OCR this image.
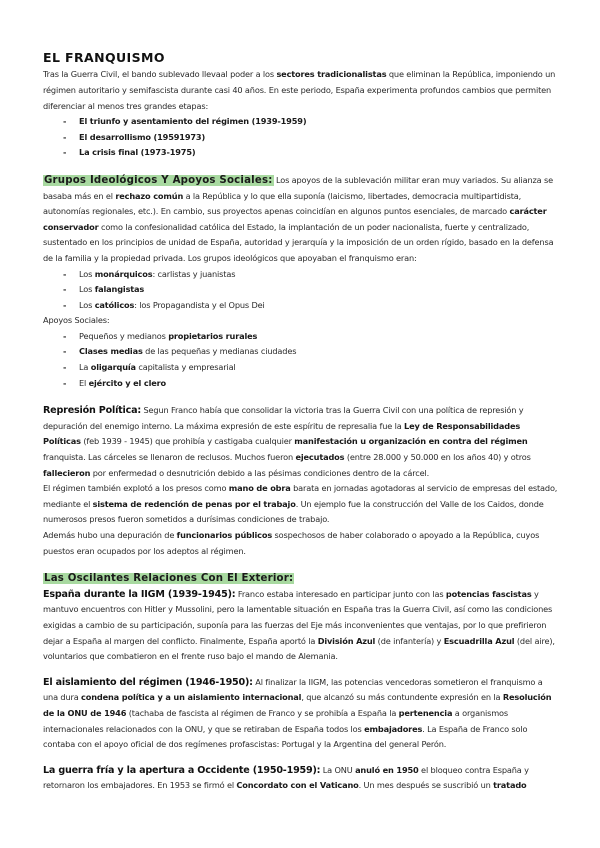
EL FRANQUISMO

Tras la Guerra Civil, el bando sublevado llevaal poder a los sectores tradicionalistas que eliminan la República, imponiendo un régimen autoritario y semifascista durante casi 40 años. En este periodo, España experimenta profundos cambios que permiten diferenciar al menos tres grandes etapas:

- El triunfo y asentamiento del régimen (1939-1959)
- El desarrollismo (19591973)
- La crisis final (1973-1975)

Grupos Ideológicos Y Apoyos Sociales: Los apoyos de la sublevación militar eran muy variados. Su alianza se basaba más en el rechazo común a la República y lo que ella suponía (laicismo, libertades, democracia multipartidista, autonomías regionales, etc.). En cambio, sus proyectos apenas coincidían en algunos puntos esenciales, de marcado carácter conservador como la confesionalidad católica del Estado, la implantación de un poder nacionalista, fuerte y centralizado, sustentado en los principios de unidad de España, autoridad y jerarquía y la imposición de un orden rígido, basado en la defensa de la familia y la propiedad privada. Los grupos ideológicos que apoyaban el franquismo eran:

- Los monárquicos: carlistas y juanistas
- Los falangistas
- Los católicos: los Propagandista y el Opus Dei

Apoyos Sociales:

- Pequeños y medianos propietarios rurales
- Clases medias de las pequeñas y medianas ciudades
- La oligarquía capitalista y empresarial
- El ejército y el clero

Represión Política: Segun Franco había que consolidar la victoria tras la Guerra Civil con una política de represión y depuración del enemigo interno. La máxima expresión de este espíritu de represalia fue la Ley de Responsabilidades Políticas (feb 1939 - 1945) que prohibía y castigaba cualquier manifestación u organización en contra del régimen franquista. Las cárceles se llenaron de reclusos. Muchos fueron ejecutados (entre 28.000 y 50.000 en los años 40) y otros fallecieron por enfermedad o desnutrición debido a las pésimas condiciones dentro de la cárcel.

El régimen también explotó a los presos como mano de obra barata en jornadas agotadoras al servicio de empresas del estado, mediante el sistema de redención de penas por el trabajo. Un ejemplo fue la construcción del Valle de los Caidos, donde numerosos presos fueron sometidos a durísimas condiciones de trabajo.

Además hubo una depuración de funcionarios públicos sospechosos de haber colaborado o apoyado a la República, cuyos puestos eran ocupados por los adeptos al régimen.

Las Oscilantes Relaciones Con El Exterior:

España durante la IIGM (1939-1945): Franco estaba interesado en participar junto con las potencias fascistas y mantuvo encuentros con Hitler y Mussolini, pero la lamentable situación en España tras la Guerra Civil, así como las condiciones exigidas a cambio de su participación, suponía para las fuerzas del Eje más inconvenientes que ventajas, por lo que prefirieron dejar a España al margen del conflicto. Finalmente, España aportó la División Azul (de infantería) y Escuadrilla Azul (del aire), voluntarios que combatieron en el frente ruso bajo el mando de Alemania.

El aislamiento del régimen (1946-1950): Al finalizar la IIGM, las potencias vencedoras sometieron el franquismo a una dura condena política y a un aislamiento internacional, que alcanzó su más contundente expresión en la Resolución de la ONU de 1946 (tachaba de fascista al régimen de Franco y se prohibía a España la pertenencia a organismos internacionales relacionados con la ONU, y que se retiraban de España todos los embajadores. La España de Franco solo contaba con el apoyo oficial de dos regímenes profascistas: Portugal y la Argentina del general Perón.

La guerra fría y la apertura a Occidente (1950-1959): La ONU anuló en 1950 el bloqueo contra España y retornaron los embajadores. En 1953 se firmó el Concordato con el Vaticano. Un mes después se suscribió un tratado
